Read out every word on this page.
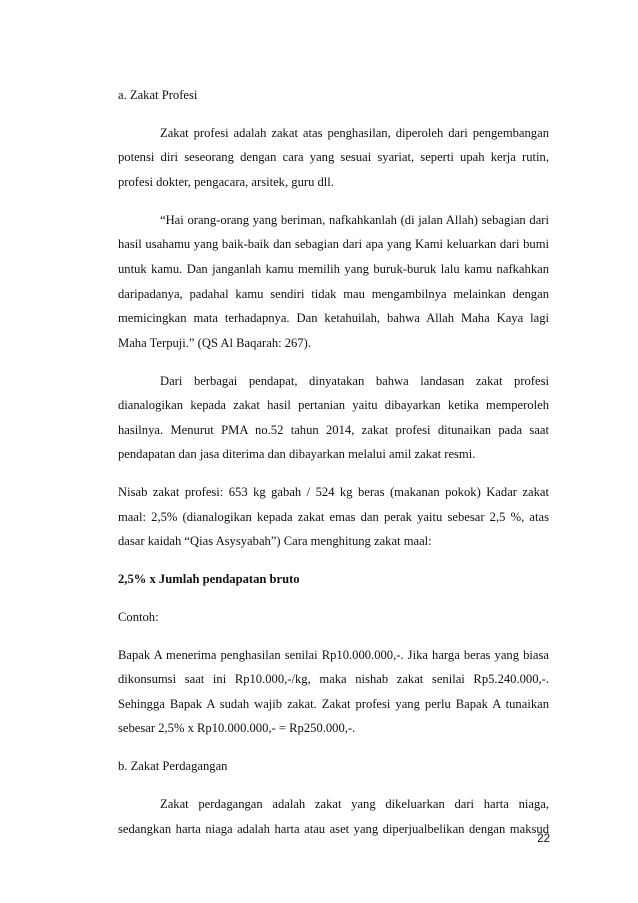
a. Zakat Profesi
Zakat profesi adalah zakat atas penghasilan, diperoleh dari pengembangan
potensi diri seseorang dengan cara yang sesuai syariat, seperti upah kerja rutin,
profesi dokter, pengacara, arsitek, guru dll.
“Hai orang-orang yang beriman, nafkahkanlah (di jalan Allah) sebagian dari
hasil usahamu yang baik-baik dan sebagian dari apa yang Kami keluarkan dari bumi
untuk kamu. Dan janganlah kamu memilih yang buruk-buruk lalu kamu nafkahkan
daripadanya, padahal kamu sendiri tidak mau mengambilnya melainkan dengan
memicingkan mata terhadapnya. Dan ketahuilah, bahwa Allah Maha Kaya lagi
Maha Terpuji.” (QS Al Baqarah: 267).
Dari berbagai pendapat, dinyatakan bahwa landasan zakat profesi
dianalogikan kepada zakat hasil pertanian yaitu dibayarkan ketika memperoleh
hasilnya. Menurut PMA no.52 tahun 2014, zakat profesi ditunaikan pada saat
pendapatan dan jasa diterima dan dibayarkan melalui amil zakat resmi.
Nisab zakat profesi: 653 kg gabah / 524 kg beras (makanan pokok) Kadar zakat
maal: 2,5% (dianalogikan kepada zakat emas dan perak yaitu sebesar 2,5 %, atas
dasar kaidah “Qias Asysyabah”) Cara menghitung zakat maal:
2,5% x Jumlah pendapatan bruto
Contoh:
Bapak A menerima penghasilan senilai Rp10.000.000,-. Jika harga beras yang biasa
dikonsumsi saat ini Rp10.000,-/kg, maka nishab zakat senilai Rp5.240.000,-.
Sehingga Bapak A sudah wajib zakat. Zakat profesi yang perlu Bapak A tunaikan
sebesar 2,5% x Rp10.000.000,- = Rp250.000,-.
b. Zakat Perdagangan
Zakat perdagangan adalah zakat yang dikeluarkan dari harta niaga,
sedangkan harta niaga adalah harta atau aset yang diperjualbelikan dengan maksud
22
